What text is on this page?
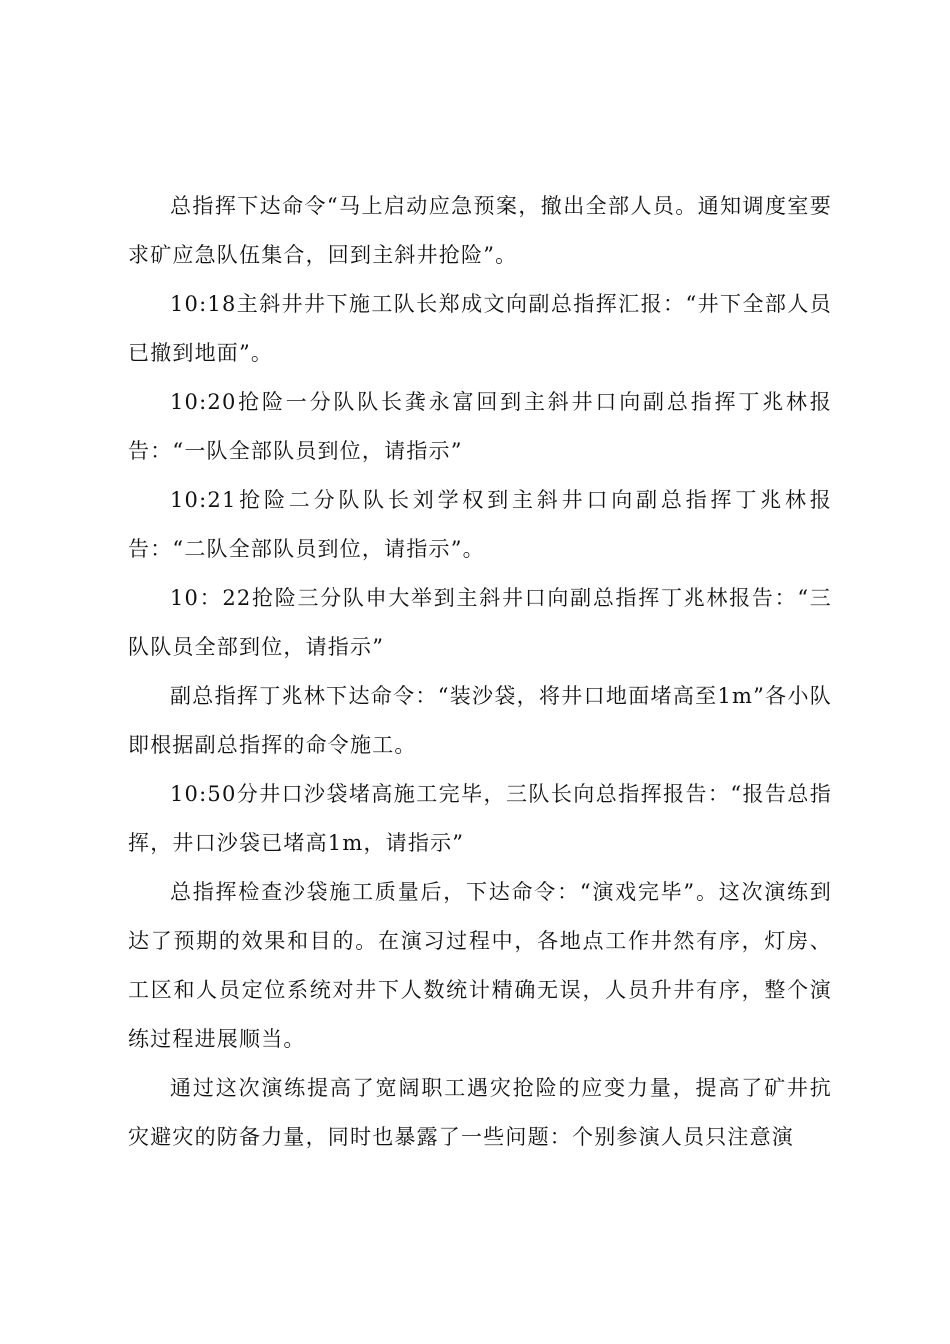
总指挥下达命令“马上启动应急预案，撤出全部人员。通知调度室要求矿应急队伍集合，回到主斜井抢险”。

10:18主斜井井下施工队长郑成文向副总指挥汇报：“井下全部人员已撤到地面”。

10:20抢险一分队队长龚永富回到主斜井口向副总指挥丁兆林报告：“一队全部队员到位，请指示”

10:21抢险二分队队长刘学权到主斜井口向副总指挥丁兆林报告：“二队全部队员到位，请指示”。

10：22抢险三分队申大举到主斜井口向副总指挥丁兆林报告：“三队队员全部到位，请指示”

副总指挥丁兆林下达命令：“装沙袋，将井口地面堵高至1m”各小队即根据副总指挥的命令施工。

10:50分井口沙袋堵高施工完毕，三队长向总指挥报告：“报告总指挥，井口沙袋已堵高1m，请指示”

总指挥检查沙袋施工质量后，下达命令：“演戏完毕”。这次演练到达了预期的效果和目的。在演习过程中，各地点工作井然有序，灯房、工区和人员定位系统对井下人数统计精确无误，人员升井有序，整个演练过程进展顺当。

通过这次演练提高了宽阔职工遇灾抢险的应变力量，提高了矿井抗灾避灾的防备力量，同时也暴露了一些问题：个别参演人员只注意演
